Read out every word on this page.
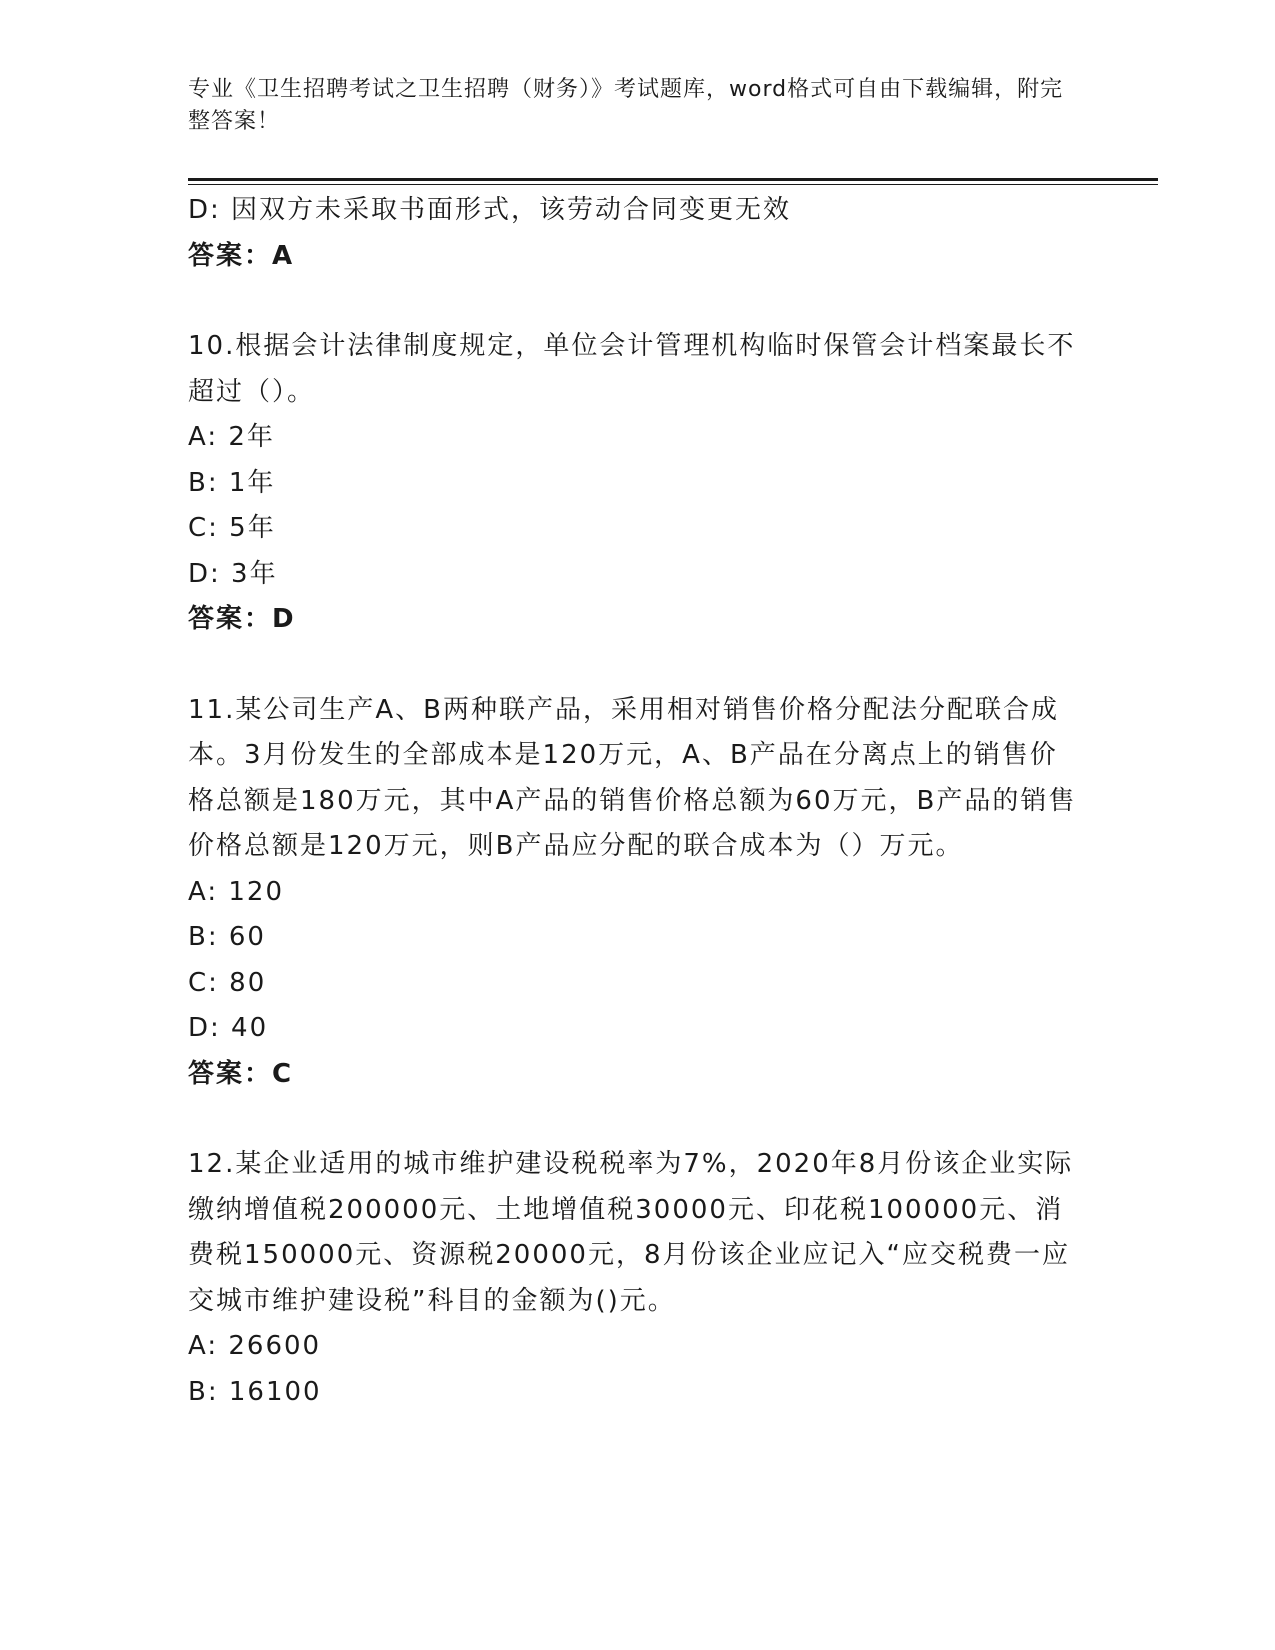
专业《卫生招聘考试之卫生招聘（财务）》考试题库，word格式可自由下载编辑，附完整答案！
D: 因双方未采取书面形式，该劳动合同变更无效
答案：A
10.根据会计法律制度规定，单位会计管理机构临时保管会计档案最长不超过（）。
A: 2年
B: 1年
C: 5年
D: 3年
答案：D
11.某公司生产A、B两种联产品，采用相对销售价格分配法分配联合成本。3月份发生的全部成本是120万元，A、B产品在分离点上的销售价格总额是180万元，其中A产品的销售价格总额为60万元，B产品的销售价格总额是120万元，则B产品应分配的联合成本为（）万元。
A: 120
B: 60
C: 80
D: 40
答案：C
12.某企业适用的城市维护建设税税率为7%，2020年8月份该企业实际缴纳增值税200000元、土地增值税30000元、印花税100000元、消费税150000元、资源税20000元，8月份该企业应记入“应交税费一应交城市维护建设税”科目的金额为()元。
A: 26600
B: 16100
